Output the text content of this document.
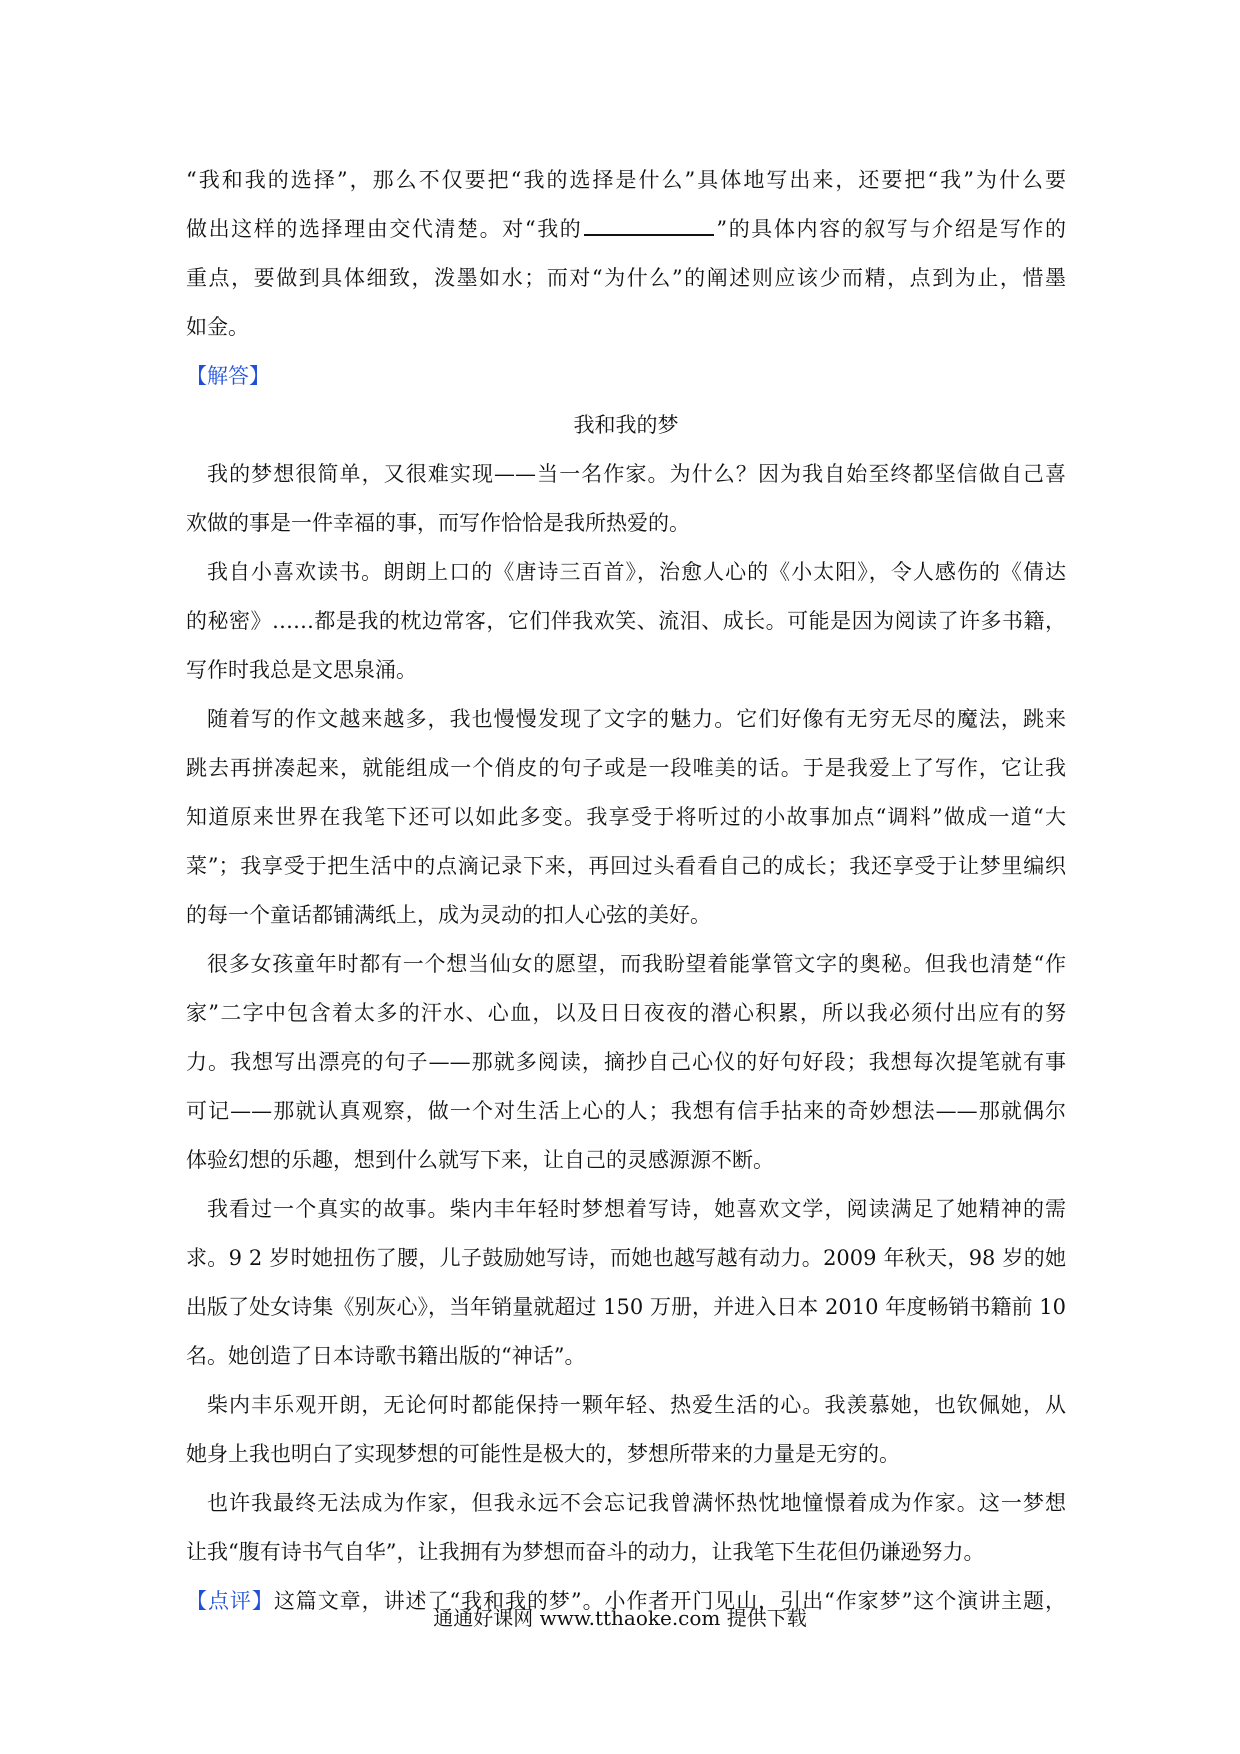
“我和我的选择”，那么不仅要把“我的选择是什么”具体地写出来，还要把“我”为什么要
做出这样的选择理由交代清楚。对“我的	”的具体内容的叙写与介绍是写作的
重点，要做到具体细致，泼墨如水；而对“为什么”的阐述则应该少而精，点到为止，惜墨
如金。
【解答】
我和我的梦
我的梦想很简单，又很难实现——当一名作家。为什么？因为我自始至终都坚信做自己喜
欢做的事是一件幸福的事，而写作恰恰是我所热爱的。
我自小喜欢读书。朗朗上口的《唐诗三百首》，治愈人心的《小太阳》，令人感伤的《倩达
的秘密》……都是我的枕边常客，它们伴我欢笑、流泪、成长。可能是因为阅读了许多书籍，
写作时我总是文思泉涌。
随着写的作文越来越多，我也慢慢发现了文字的魅力。它们好像有无穷无尽的魔法，跳来
跳去再拼凑起来，就能组成一个俏皮的句子或是一段唯美的话。于是我爱上了写作，它让我
知道原来世界在我笔下还可以如此多变。我享受于将听过的小故事加点“调料”做成一道“大
菜”；我享受于把生活中的点滴记录下来，再回过头看看自己的成长；我还享受于让梦里编织
的每一个童话都铺满纸上，成为灵动的扣人心弦的美好。
很多女孩童年时都有一个想当仙女的愿望，而我盼望着能掌管文字的奥秘。但我也清楚“作
家”二字中包含着太多的汗水、心血，以及日日夜夜的潜心积累，所以我必须付出应有的努
力。我想写出漂亮的句子——那就多阅读，摘抄自己心仪的好句好段；我想每次提笔就有事
可记——那就认真观察，做一个对生活上心的人；我想有信手拈来的奇妙想法——那就偶尔
体验幻想的乐趣，想到什么就写下来，让自己的灵感源源不断。
我看过一个真实的故事。柴内丰年轻时梦想着写诗，她喜欢文学，阅读满足了她精神的需
求。9 2 岁时她扭伤了腰，儿子鼓励她写诗，而她也越写越有动力。2009 年秋天，98 岁的她
出版了处女诗集《别灰心》，当年销量就超过 150 万册，并进入日本 2010 年度畅销书籍前 10
名。她创造了日本诗歌书籍出版的“神话”。
柴内丰乐观开朗，无论何时都能保持一颗年轻、热爱生活的心。我羡慕她，也钦佩她，从
她身上我也明白了实现梦想的可能性是极大的，梦想所带来的力量是无穷的。
也许我最终无法成为作家，但我永远不会忘记我曾满怀热忱地憧憬着成为作家。这一梦想
让我“腹有诗书气自华”，让我拥有为梦想而奋斗的动力，让我笔下生花但仍谦逊努力。
【点评】这篇文章，讲述了“我和我的梦”。小作者开门见山，引出“作家梦”这个演讲主题，
通通好课网 www.tthaoke.com 提供下载
